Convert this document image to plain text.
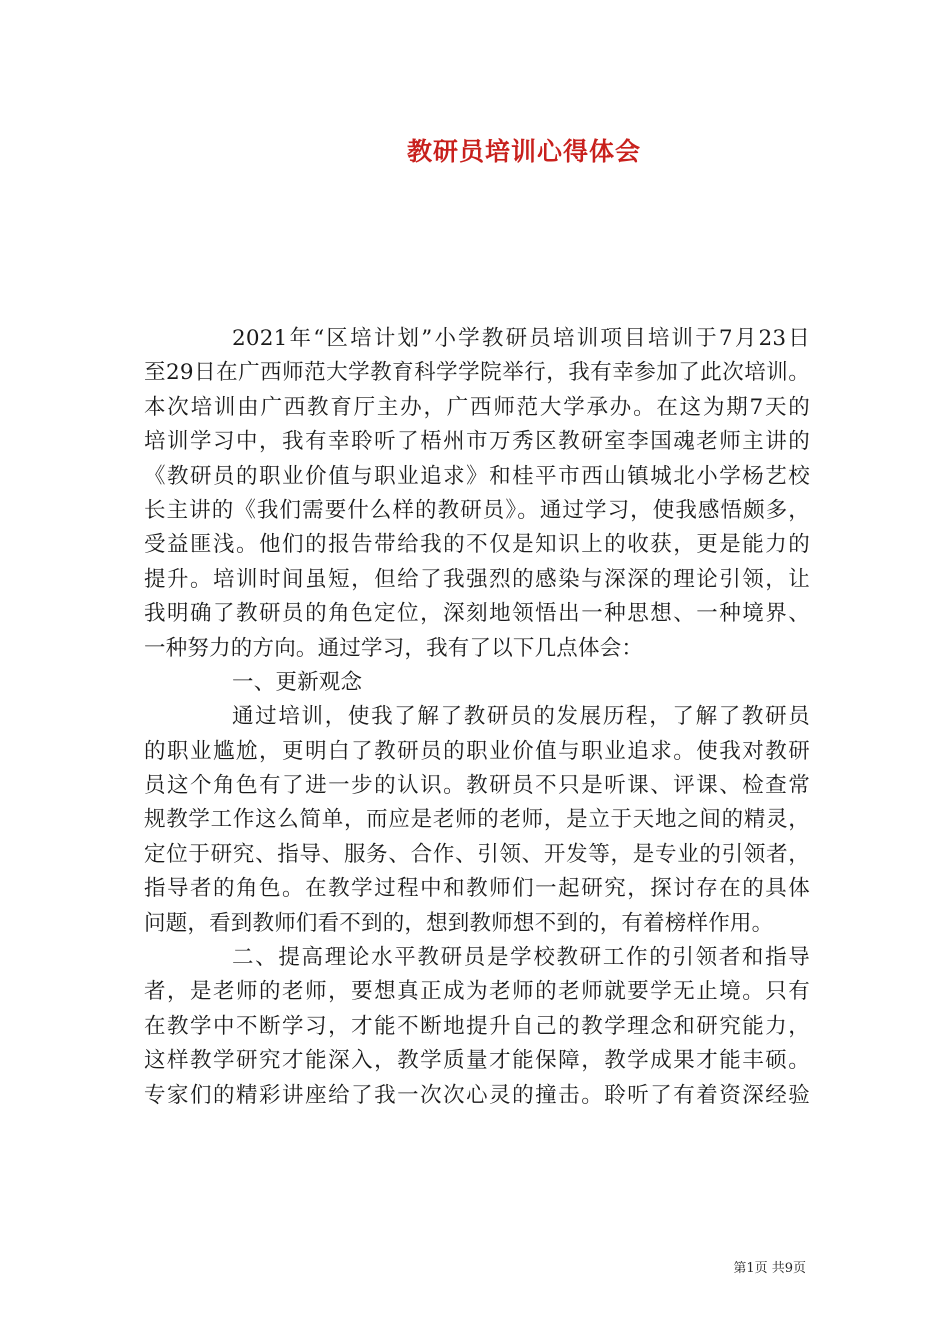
教研员培训心得体会
2021年“区培计划”小学教研员培训项目培训于7月23日
至29日在广西师范大学教育科学学院举行，我有幸参加了此次培训。
本次培训由广西教育厅主办，广西师范大学承办。在这为期7天的
培训学习中，我有幸聆听了梧州市万秀区教研室李国魂老师主讲的
《教研员的职业价值与职业追求》和桂平市西山镇城北小学杨艺校
长主讲的《我们需要什么样的教研员》。通过学习，使我感悟颇多，
受益匪浅。他们的报告带给我的不仅是知识上的收获，更是能力的
提升。培训时间虽短，但给了我强烈的感染与深深的理论引领，让
我明确了教研员的角色定位，深刻地领悟出一种思想、一种境界、
一种努力的方向。通过学习，我有了以下几点体会：
一、更新观念
通过培训，使我了解了教研员的发展历程，了解了教研员
的职业尴尬，更明白了教研员的职业价值与职业追求。使我对教研
员这个角色有了进一步的认识。教研员不只是听课、评课、检查常
规教学工作这么简单，而应是老师的老师，是立于天地之间的精灵，
定位于研究、指导、服务、合作、引领、开发等，是专业的引领者，
指导者的角色。在教学过程中和教师们一起研究，探讨存在的具体
问题，看到教师们看不到的，想到教师想不到的，有着榜样作用。
二、提高理论水平教研员是学校教研工作的引领者和指导
者，是老师的老师，要想真正成为老师的老师就要学无止境。只有
在教学中不断学习，才能不断地提升自己的教学理念和研究能力，
这样教学研究才能深入，教学质量才能保障，教学成果才能丰硕。
专家们的精彩讲座给了我一次次心灵的撞击。聆听了有着资深经验
第1页 共9页
